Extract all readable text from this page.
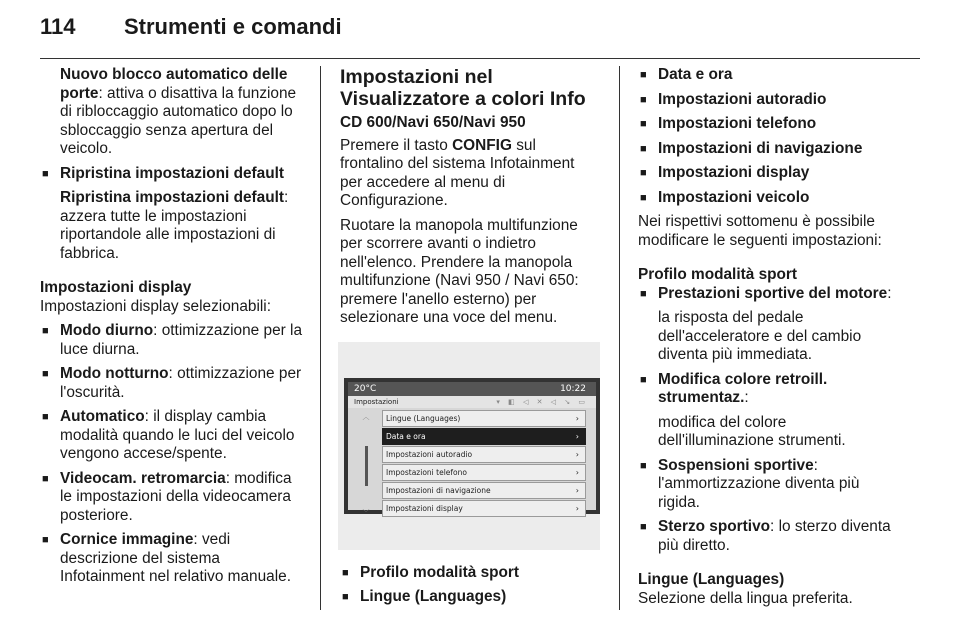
114 Strumenti e comandi

Nuovo blocco automatico delle porte: attiva o disattiva la funzione di ribloccaggio automatico dopo lo sbloccaggio senza apertura del veicolo.

■ Ripristina impostazioni default

Ripristina impostazioni default: azzera tutte le impostazioni riportandole alle impostazioni di fabbrica.

Impostazioni display

Impostazioni display selezionabili:

■ Modo diurno: ottimizzazione per la luce diurna.

■ Modo notturno: ottimizzazione per l'oscurità.

■ Automatico: il display cambia modalità quando le luci del veicolo vengono accese/spente.

■ Videocam. retromarcia: modifica le impostazioni della videocamera posteriore.

■ Cornice immagine: vedi descrizione del sistema Infotainment nel relativo manuale.

Impostazioni nel Visualizzatore a colori Info
CD 600/Navi 650/Navi 950

Premere il tasto CONFIG sul frontalino del sistema Infotainment per accedere al menu di Configurazione.

Ruotare la manopola multifunzione per scorrere avanti o indietro nell'elenco. Prendere la manopola multifunzione (Navi 950 / Navi 650: premere l'anello esterno) per selezionare una voce del menu.

20°C	10:22
Impostazioni	▾ ◧ ◁ ✕ ◁ ↘ ▭
︿
﹀
Lingue (Languages)	›
Data e ora	›
Impostazioni autoradio	›
Impostazioni telefono	›
Impostazioni di navigazione	›
Impostazioni display	›

■ Profilo modalità sport

■ Lingue (Languages)

■ Data e ora

■ Impostazioni autoradio

■ Impostazioni telefono

■ Impostazioni di navigazione

■ Impostazioni display

■ Impostazioni veicolo

Nei rispettivi sottomenu è possibile modificare le seguenti impostazioni:

Profilo modalità sport

■ Prestazioni sportive del motore:

la risposta del pedale dell'acceleratore e del cambio diventa più immediata.

■ Modifica colore retroill. strumentaz.:

modifica del colore dell'illuminazione strumenti.

■ Sospensioni sportive: l'ammortizzazione diventa più rigida.

■ Sterzo sportivo: lo sterzo diventa più diretto.

Lingue (Languages)

Selezione della lingua preferita.
